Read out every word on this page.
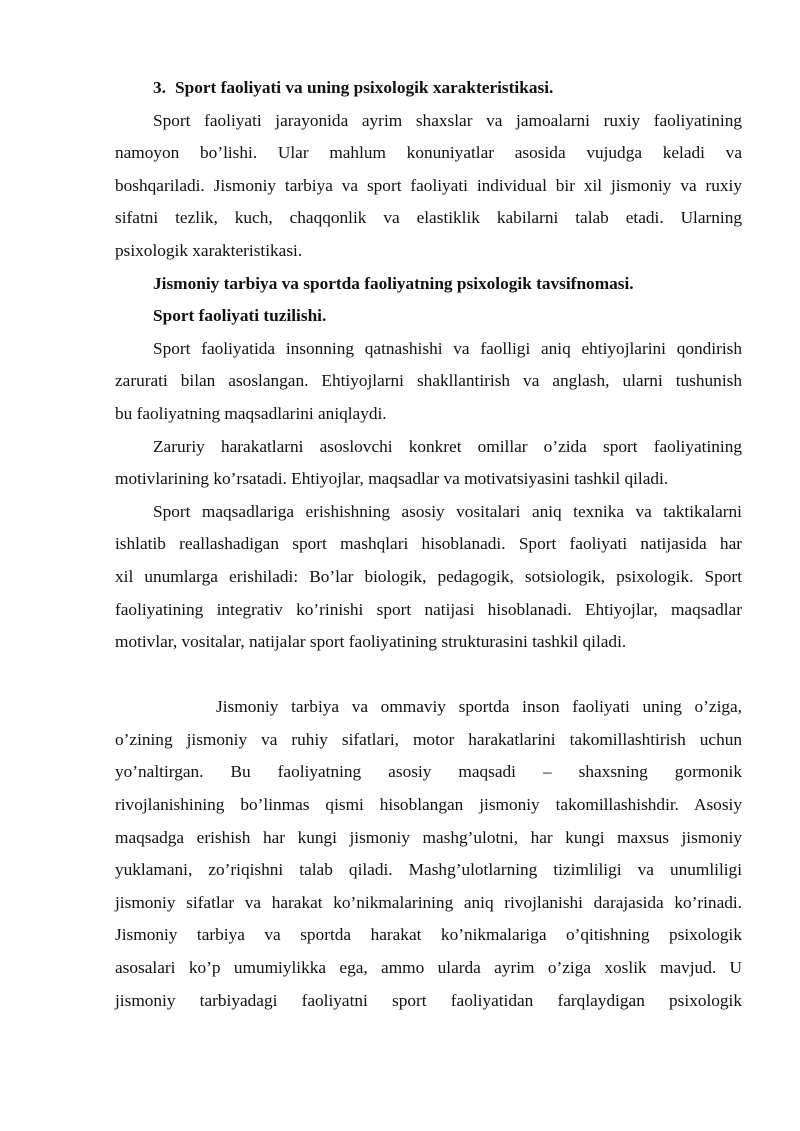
3. Sport faoliyati va uning psixologik xarakteristikasi.
Sport faoliyati jarayonida ayrim shaxslar va jamoalarni ruxiy faoliyatining
namoyon bo’lishi. Ular mahlum konuniyatlar asosida vujudga keladi va
boshqariladi. Jismoniy tarbiya va sport faoliyati individual bir xil jismoniy va ruxiy
sifatni tezlik, kuch, chaqqonlik va elastiklik kabilarni talab etadi. Ularning
psixologik xarakteristikasi.
Jismoniy tarbiya va sportda faoliyatning psixologik tavsifnomasi.
Sport faoliyati tuzilishi.
Sport faoliyatida insonning qatnashishi va faolligi aniq ehtiyojlarini qondirish
zarurati bilan asoslangan. Ehtiyojlarni shakllantirish va anglash, ularni tushunish
bu faoliyatning maqsadlarini aniqlaydi.
Zaruriy harakatlarni asoslovchi konkret omillar o’zida sport faoliyatining
motivlarining ko’rsatadi. Ehtiyojlar, maqsadlar va motivatsiyasini tashkil qiladi.
Sport maqsadlariga erishishning asosiy vositalari aniq texnika va taktikalarni
ishlatib reallashadigan sport mashqlari hisoblanadi. Sport faoliyati natijasida har
xil unumlarga erishiladi: Bo’lar biologik, pedagogik, sotsiologik, psixologik. Sport
faoliyatining integrativ ko’rinishi sport natijasi hisoblanadi. Ehtiyojlar, maqsadlar
motivlar, vositalar, natijalar sport faoliyatining strukturasini tashkil qiladi.
Jismoniy tarbiya va ommaviy sportda inson faoliyati uning o’ziga,
o’zining jismoniy va ruhiy sifatlari, motor harakatlarini takomillashtirish uchun
yo’naltirgan. Bu faoliyatning asosiy maqsadi – shaxsning gormonik
rivojlanishining bo’linmas qismi hisoblangan jismoniy takomillashishdir. Asosiy
maqsadga erishish har kungi jismoniy mashg’ulotni, har kungi maxsus jismoniy
yuklamani, zo’riqishni talab qiladi. Mashg’ulotlarning tizimliligi va unumliligi
jismoniy sifatlar va harakat ko’nikmalarining aniq rivojlanishi darajasida ko’rinadi.
Jismoniy tarbiya va sportda harakat ko’nikmalariga o’qitishning psixologik
asosalari ko’p umumiylikka ega, ammo ularda ayrim o’ziga xoslik mavjud. U
jismoniy tarbiyadagi faoliyatni sport faoliyatidan farqlaydigan psixologik
